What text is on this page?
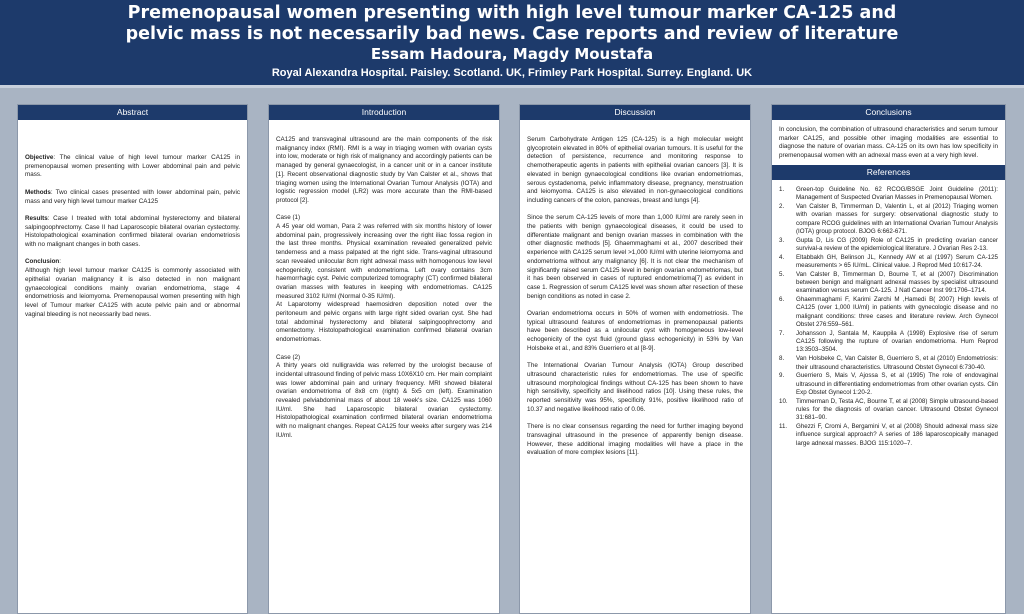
Premenopausal women presenting with high level tumour marker CA-125 and
pelvic mass is not necessarily bad news. Case reports and review of literature
Essam Hadoura, Magdy Moustafa
Royal Alexandra Hospital. Paisley. Scotland. UK, Frimley Park Hospital. Surrey. England. UK
Abstract

Objective: The clinical value of high level tumour marker CA125 in premenopausal women presenting with Lower abdominal pain and pelvic mass.

Methods: Two clinical cases presented with lower abdominal pain, pelvic mass and very high level tumour marker CA125

Results: Case I treated with total abdominal hysterectomy and bilateral salpingoophrectomy. Case II had Laparoscopic bilateral ovarian cystectomy. Histolopathological examination confirmed bilateral ovarian endometriosis with no malignant changes in both cases.

Conclusion:
Although high level tumour marker CA125 is commonly associated with epithelial ovarian malignancy it is also detected in non malignant gynaecological conditions mainly ovarian endometrioma, stage 4 endometriosis and leiomyoma. Premenopausal women presenting with high level of Tumour marker CA125 with acute pelvic pain and or abnormal vaginal bleeding is not necessarily bad news.

Introduction

CA125 and transvaginal ultrasound are the main components of the risk malignancy index (RMI). RMI is a way in triaging women with ovarian cysts into low, moderate or high risk of malignancy and accordingly patients can be managed by general gynaecologist, in a cancer unit or in a cancer institute [1]. Recent observational diagnostic study by Van Calster et al., shows that triaging women using the International Ovarian Tumour Analysis (IOTA) and logistic regression model (LR2) was more accurate than the RMI-based protocol [2].

Case (1)
A 45 year old woman, Para 2 was referred with six months history of lower abdominal pain, progressively increasing over the right iliac fossa region in the last three months. Physical examination revealed generalized pelvic tenderness and a mass palpated at the right side. Trans-vaginal ultrasound scan revealed unilocular 8cm right adnexal mass with homogenous low level echogenicity, consistent with endometrioma. Left ovary contains 3cm haemorrhagic cyst. Pelvic computerized tomography (CT) confirmed bilateral ovarian masses with features in keeping with endometriomas. CA125 measured 3102 IU/ml (Normal 0-35 IU/ml).

At Laparotomy widespread haemosidren deposition noted over the peritoneum and pelvic organs with large right sided ovarian cyst. She had total abdominal hysterectomy and bilateral salpingoophrectomy and omentectomy. Histolopathological examination confirmed bilateral ovarian endometriomas.

Case (2)

A thirty years old nulligravida was referred by the urologist because of incidental ultrasound finding of pelvic mass 10X6X10 cm. Her main complaint was lower abdominal pain and urinary frequency. MRI showed bilateral ovarian endometrioma of 8x8 cm (right) & 5x5 cm (left). Examination revealed pelviabdominal mass of about 18 week's size. CA125 was 1060 IU/ml. She had Laparoscopic bilateral ovarian cystectomy. Histolopathological examination confirmed bilateral ovarian endometrioma with no malignant changes. Repeat CA125 four weeks after surgery was 214 IU/ml.

Discussion

Serum Carbohydrate Antigen 125 (CA-125) is a high molecular weight glycoprotein elevated in 80% of epithelial ovarian tumours. It is useful for the detection of persistence, recurrence and monitoring response to chemotherapeutic agents in patients with epithelial ovarian cancers [3]. It is elevated in benign gynaecological conditions like ovarian endometriomas, serous cystadenoma, pelvic inflammatory disease, pregnancy, menstruation and leiomyoma. CA125 is also elevated in non-gynaecological conditions including cancers of the colon, pancreas, breast and lungs [4].

Since the serum CA-125 levels of more than 1,000 IU/ml are rarely seen in the patients with benign gynaecological diseases, it could be used to differentiate malignant and benign ovarian masses in combination with the other diagnostic methods [5]. Ghaemmaghami et al., 2007 described their experience with CA125 serum level >1,000 IU/ml with uterine leiomyoma and endometrioma without any malignancy [6]. It is not clear the mechanism of significantly raised serum CA125 level in benign ovarian endometriomas, but it has been observed in cases of ruptured endometrioma[7] as evident in case 1. Regression of serum CA125 level was shown after resection of these benign conditions as noted in case 2.

Ovarian endometrioma occurs in 50% of women with endometriosis. The typical ultrasound features of endometriomas in premenopausal patients have been described as a unilocular cyst with homogeneous low-level echogenicity of the cyst fluid (ground glass echogenicity) in 53% by Van Holsbeke et al., and 83% Guerriero et al [8-9].

The International Ovarian Tumour Analysis (IOTA) Group described ultrasound characteristic rules for endometriomas. The use of specific ultrasound morphological findings without CA-125 has been shown to have high sensitivity, specificity and likelihood ratios [10]. Using these rules, the reported sensitivity was 95%, specificity 91%, positive likelihood ratio of 10.37 and negative likelihood ratio of 0.06.

There is no clear consensus regarding the need for further imaging beyond transvaginal ultrasound in the presence of apparently benign disease. However, these additional imaging modalities will have a place in the evaluation of more complex lesions [11].

Conclusions

In conclusion, the combination of ultrasound characteristics and serum tumour marker CA125, and possible other imaging modalities are essential to diagnose the nature of ovarian mass. CA-125 on its own has low specificity in premenopausal women with an adnexal mass even at a very high level.

References
1.	Green-top Guideline No. 62 RCOG/BSGE Joint Guideline (2011): Management of Suspected Ovarian Masses in Premenopausal Women.
2.	Van Calster B, Timmerman D, Valentin L, et al (2012) Triaging women with ovarian masses for surgery: observational diagnostic study to compare RCOG guidelines with an International Ovarian Tumour Analysis (IOTA) group protocol. BJOG 6:662-671.
3.	Gupta D, Lis CG (2009) Role of CA125 in predicting ovarian cancer survival-a review of the epidemiological literature. J Ovarian Res 2-13.
4.	Eltabbakh GH, Belinson JL, Kennedy AW et al (1997) Serum CA-125 measurements > 65 IU/mL. Clinical value. J Reprod Med 10:617-24.
5.	Van Calster B, Timmerman D, Bourne T, et al (2007) Discrimination between benign and malignant adnexal masses by specialist ultrasound examination versus serum CA-125. J Natl Cancer Inst 99:1706–1714.
6.	Ghaemmaghami F, Karimi Zarchi M ,Hamedi B( 2007) High levels of CA125 (over 1,000 IU/ml) in patients with gynecologic disease and no malignant conditions: three cases and literature review. Arch Gynecol Obstet 276:559–561.
7.	Johansson J, Santala M, Kauppila A (1998) Explosive rise of serum CA125 following the rupture of ovarian endometrioma. Hum Reprod 13:3503–3504.
8.	Van Holsbeke C, Van Calster B, Guerriero S, et al (2010) Endometriosis: their ultrasound characteristics. Ultrasound Obstet Gynecol 6:730-40.
9.	Guerriero S, Mais V, Ajossa S, et al (1995) The role of endovaginal ultrasound in differentiating endometriomas from other ovarian cysts. Clin Exp Obstet Gynecol 1:20-2.
10.	Timmerman D, Testa AC, Bourne T, et al (2008) Simple ultrasound-based rules for the diagnosis of ovarian cancer. Ultrasound Obstet Gynecol 31:681–90.
11.	Ghezzi F, Cromi A, Bergamini V, et al (2008) Should adnexal mass size influence surgical approach? A series of 186 laparoscopically managed large adnexal masses. BJOG 115:1020–7.
